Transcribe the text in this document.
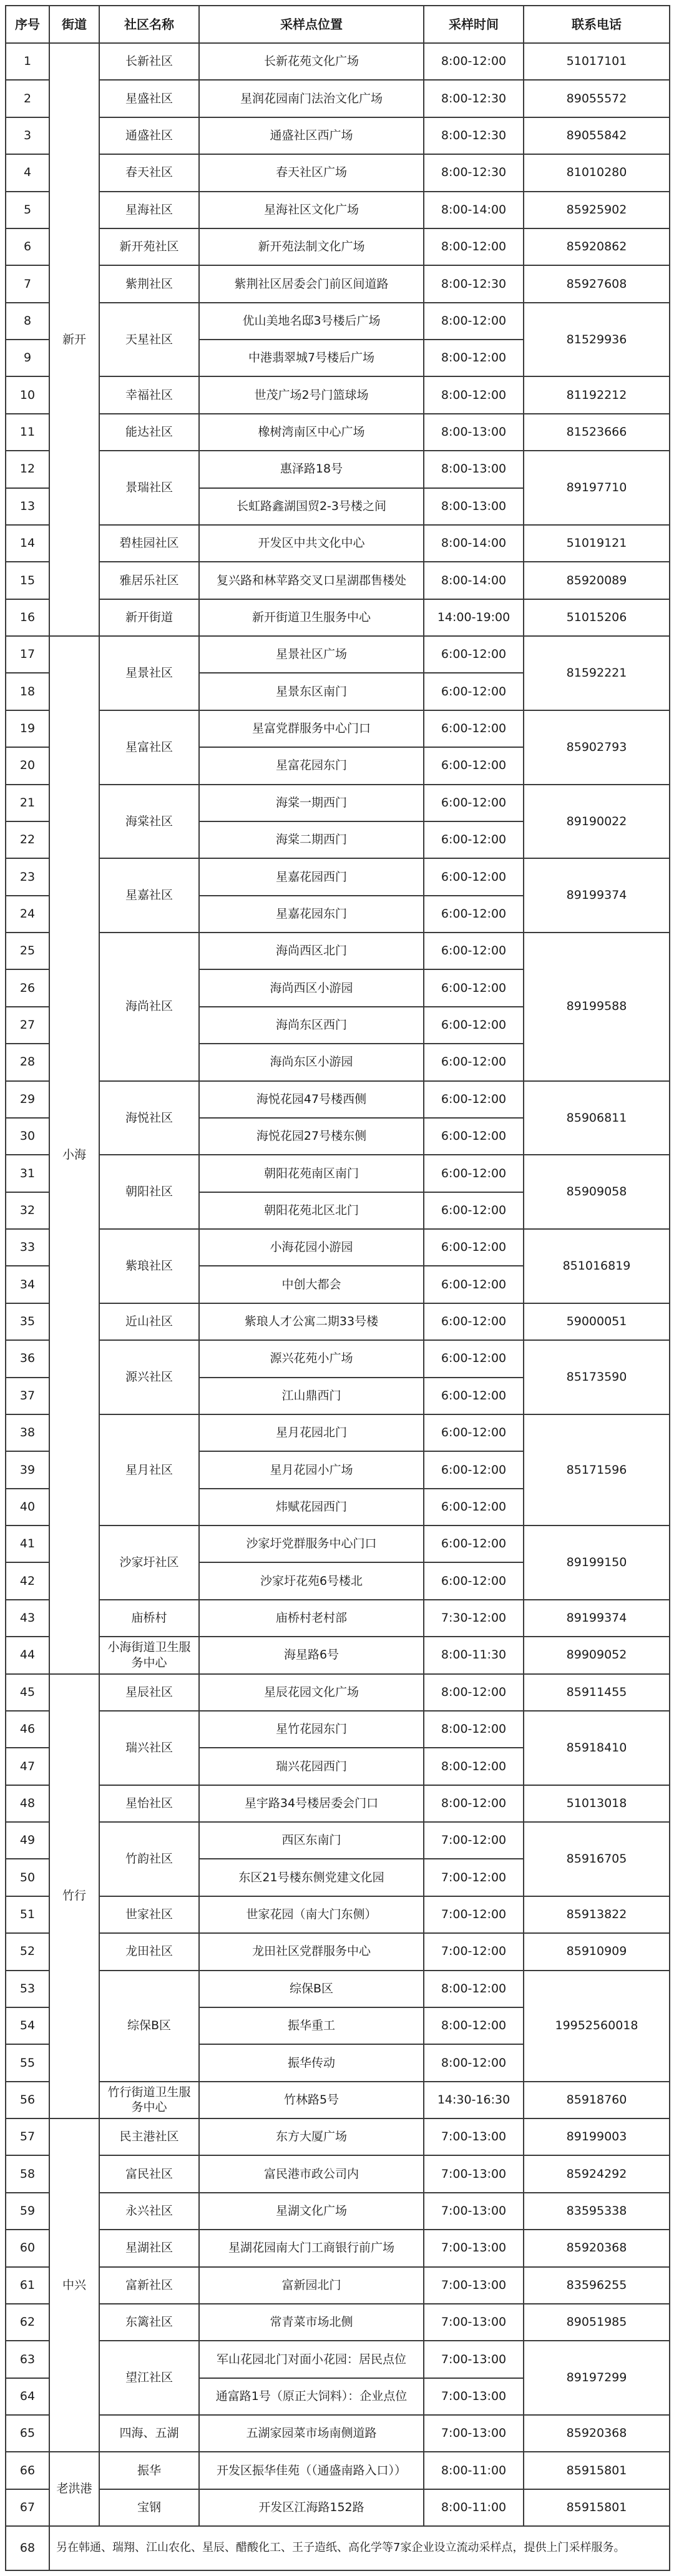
序号	街道	社区名称	采样点位置	采样时间	联系电话
1	新开	长新社区	长新花苑文化广场	8:00-12:00	51017101
2		星盛社区	星润花园南门法治文化广场	8:00-12:30	89055572
3		通盛社区	通盛社区西广场	8:00-12:30	89055842
4		春天社区	春天社区广场	8:00-12:30	81010280
5		星海社区	星海社区文化广场	8:00-14:00	85925902
6		新开苑社区	新开苑法制文化广场	8:00-12:00	85920862
7		紫荆社区	紫荆社区居委会门前区间道路	8:00-12:30	85927608
8		天星社区	优山美地名邸3号楼后广场	8:00-12:00	81529936
9			中港翡翠城7号楼后广场	8:00-12:00	
10		幸福社区	世茂广场2号门篮球场	8:00-12:00	81192212
11		能达社区	橡树湾南区中心广场	8:00-13:00	81523666
12		景瑞社区	惠泽路18号	8:00-13:00	89197710
13			长虹路鑫湖国贸2-3号楼之间	8:00-13:00	
14		碧桂园社区	开发区中共文化中心	8:00-14:00	51019121
15		雅居乐社区	复兴路和林苹路交叉口星湖郡售楼处	8:00-14:00	85920089
16		新开街道	新开街道卫生服务中心	14:00-19:00	51015206
17	小海	星景社区	星景社区广场	6:00-12:00	81592221
18			星景东区南门	6:00-12:00	
19		星富社区	星富党群服务中心门口	6:00-12:00	85902793
20			星富花园东门	6:00-12:00	
21		海棠社区	海棠一期西门	6:00-12:00	89190022
22			海棠二期西门	6:00-12:00	
23		星嘉社区	星嘉花园西门	6:00-12:00	89199374
24			星嘉花园东门	6:00-12:00	
25		海尚社区	海尚西区北门	6:00-12:00	89199588
26			海尚西区小游园	6:00-12:00	
27			海尚东区西门	6:00-12:00	
28			海尚东区小游园	6:00-12:00	
29		海悦社区	海悦花园47号楼西侧	6:00-12:00	85906811
30			海悦花园27号楼东侧	6:00-12:00	
31		朝阳社区	朝阳花苑南区南门	6:00-12:00	85909058
32			朝阳花苑北区北门	6:00-12:00	
33		紫琅社区	小海花园小游园	6:00-12:00	851016819
34			中创大都会	6:00-12:00	
35		近山社区	紫琅人才公寓二期33号楼	6:00-12:00	59000051
36		源兴社区	源兴花苑小广场	6:00-12:00	85173590
37			江山鼎西门	6:00-12:00	
38		星月社区	星月花园北门	6:00-12:00	85171596
39			星月花园小广场	6:00-12:00	
40			炜赋花园西门	6:00-12:00	
41		沙家圩社区	沙家圩党群服务中心门口	6:00-12:00	89199150
42			沙家圩花苑6号楼北	6:00-12:00	
43		庙桥村	庙桥村老村部	7:30-12:00	89199374
44		小海街道卫生服务中心	海星路6号	8:00-11:30	89909052
45	竹行	星辰社区	星辰花园文化广场	8:00-12:00	85911455
46		瑞兴社区	星竹花园东门	8:00-12:00	85918410
47			瑞兴花园西门	8:00-12:00	
48		星怡社区	星宇路34号楼居委会门口	8:00-12:00	51013018
49		竹韵社区	西区东南门	7:00-12:00	85916705
50			东区21号楼东侧党建文化园	7:00-12:00	
51		世家社区	世家花园（南大门东侧）	7:00-12:00	85913822
52		龙田社区	龙田社区党群服务中心	7:00-12:00	85910909
53		综保B区	综保B区	8:00-12:00	19952560018
54			振华重工	8:00-12:00	
55			振华传动	8:00-12:00	
56		竹行街道卫生服务中心	竹林路5号	14:30-16:30	85918760
57	中兴	民主港社区	东方大厦广场	7:00-13:00	89199003
58		富民社区	富民港市政公司内	7:00-13:00	85924292
59		永兴社区	星湖文化广场	7:00-13:00	83595338
60		星湖社区	星湖花园南大门工商银行前广场	7:00-13:00	85920368
61		富新社区	富新园北门	7:00-13:00	83596255
62		东篱社区	常青菜市场北侧	7:00-13:00	89051985
63		望江社区	军山花园北门对面小花园：居民点位	7:00-13:00	89197299
64			通富路1号（原正大饲料）：企业点位	7:00-13:00	
65		四海、五湖	五湖家园菜市场南侧道路	7:00-13:00	85920368
66	老洪港	振华	开发区振华佳苑（（通盛南路入口））	8:00-11:00	85915801
67		宝钢	开发区江海路152路	8:00-11:00	85915801
68	另在韩通、瑞翔、江山农化、星辰、醋酸化工、王子造纸、高化学等7家企业设立流动采样点，提供上门采样服务。				
